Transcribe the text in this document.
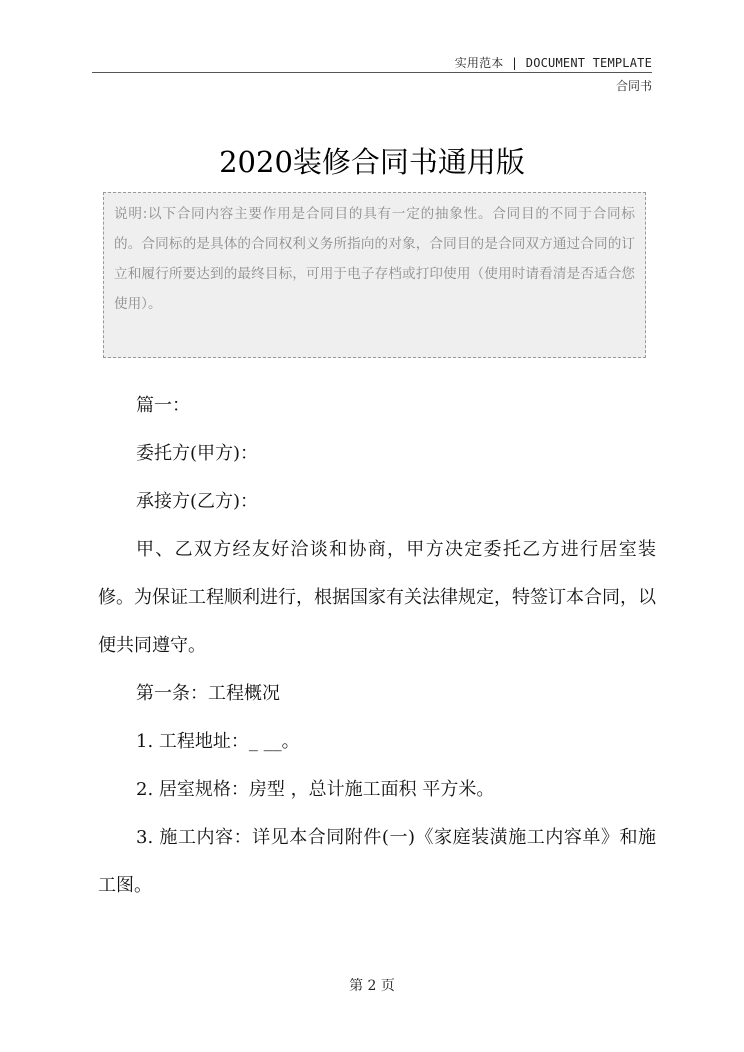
实用范本 | DOCUMENT TEMPLATE
合同书
2020装修合同书通用版
说明:以下合同内容主要作用是合同目的具有一定的抽象性。合同目的不同于合同标的。合同标的是具体的合同权利义务所指向的对象，合同目的是合同双方通过合同的订立和履行所要达到的最终目标，可用于电子存档或打印使用（使用时请看清是否适合您使用）。

篇一：

委托方(甲方)：

承接方(乙方)：

甲、乙双方经友好洽谈和协商，甲方决定委托乙方进行居室装修。为保证工程顺利进行，根据国家有关法律规定，特签订本合同，以便共同遵守。

第一条：工程概况

1. 工程地址：_ __。

2. 居室规格：房型 ，总计施工面积 平方米。

3. 施工内容：详见本合同附件(一)《家庭装潢施工内容单》和施工图。

第 2 页
